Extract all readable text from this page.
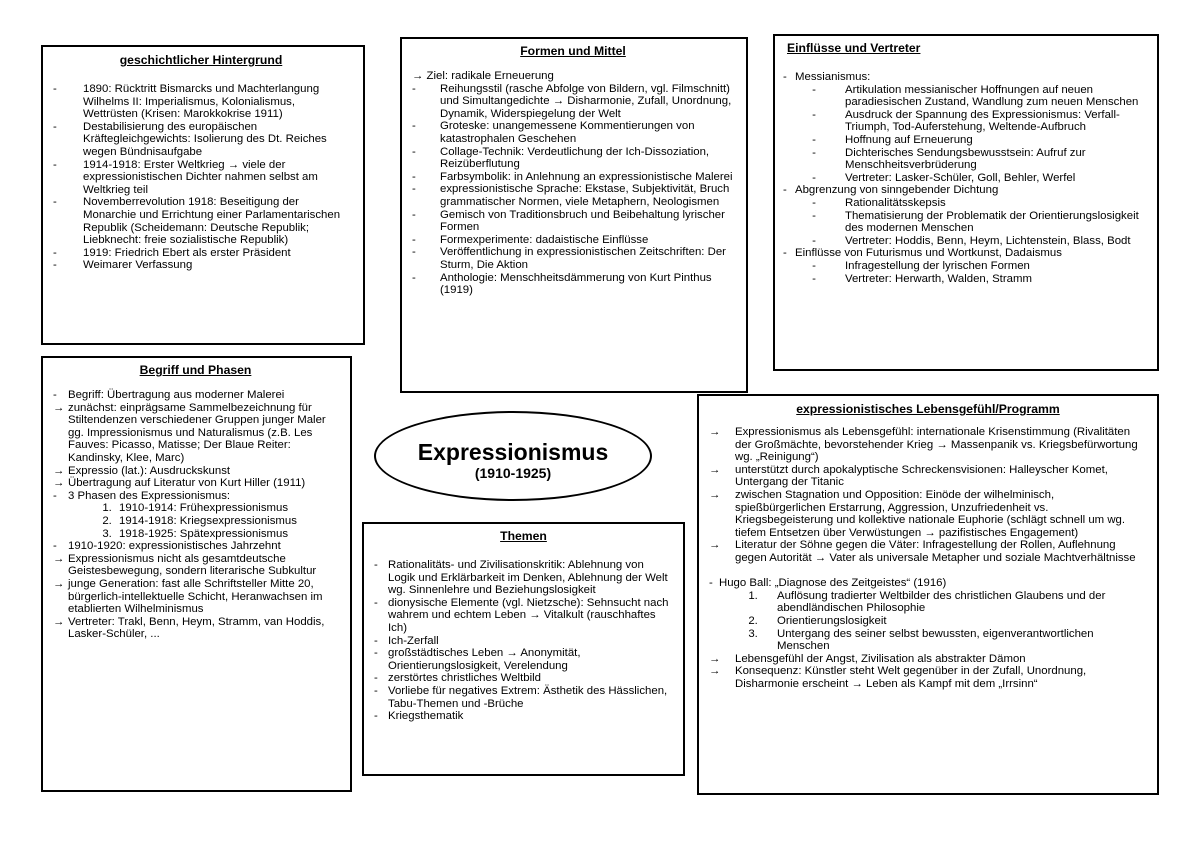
geschichtlicher Hintergrund
-	1890: Rücktritt Bismarcks und Machterlangung Wilhelms II: Imperialismus, Kolonialismus, Wettrüsten (Krisen: Marokkokrise 1911)
-	Destabilisierung des europäischen Kräftegleichgewichts: Isolierung des Dt. Reiches wegen Bündnisaufgabe
-	1914-1918: Erster Weltkrieg → viele der expressionistischen Dichter nahmen selbst am Weltkrieg teil
-	Novemberrevolution 1918: Beseitigung der Monarchie und Errichtung einer Parlamentarischen Republik (Scheidemann: Deutsche Republik; Liebknecht: freie sozialistische Republik)
-	1919: Friedrich Ebert als erster Präsident
-	Weimarer Verfassung
Formen und Mittel
→ Ziel: radikale Erneuerung
-	Reihungsstil (rasche Abfolge von Bildern, vgl. Filmschnitt) und Simultangedichte → Disharmonie, Zufall, Unordnung, Dynamik, Widerspiegelung der Welt
-	Groteske: unangemessene Kommentierungen von katastrophalen Geschehen
-	Collage-Technik: Verdeutlichung der Ich-Dissoziation, Reizüberflutung
-	Farbsymbolik: in Anlehnung an expressionistische Malerei
-	expressionistische Sprache: Ekstase, Subjektivität, Bruch grammatischer Normen, viele Metaphern, Neologismen
-	Gemisch von Traditionsbruch und Beibehaltung lyrischer Formen
-	Formexperimente: dadaistische Einflüsse
-	Veröffentlichung in expressionistischen Zeitschriften: Der Sturm, Die Aktion
-	Anthologie: Menschheitsdämmerung von Kurt Pinthus (1919)
Einflüsse und Vertreter
- Messianismus:
-	Artikulation messianischer Hoffnungen auf neuen paradiesischen Zustand, Wandlung zum neuen Menschen
-	Ausdruck der Spannung des Expressionismus: Verfall-Triumph, Tod-Auferstehung, Weltende-Aufbruch
-	Hoffnung auf Erneuerung
-	Dichterisches Sendungsbewusstsein: Aufruf zur Menschheitsverbrüderung
-	Vertreter: Lasker-Schüler, Goll, Behler, Werfel
- Abgrenzung von sinngebender Dichtung
-	Rationalitätsskepsis
-	Thematisierung der Problematik der Orientierungslosigkeit des modernen Menschen
-	Vertreter: Hoddis, Benn, Heym, Lichtenstein, Blass, Bodt
- Einflüsse von Futurismus und Wortkunst, Dadaismus
-	Infragestellung der lyrischen Formen
-	Vertreter: Herwarth, Walden, Stramm
Begriff und Phasen
- Begriff: Übertragung aus moderner Malerei
→ zunächst: einprägsame Sammelbezeichnung für Stiltendenzen verschiedener Gruppen junger Maler gg. Impressionismus und Naturalismus (z.B. Les Fauves: Picasso, Matisse; Der Blaue Reiter: Kandinsky, Klee, Marc)
→ Expressio (lat.): Ausdruckskunst
→ Übertragung auf Literatur von Kurt Hiller (1911)
- 3 Phasen des Expressionismus:
1. 1910-1914: Frühexpressionismus
2. 1914-1918: Kriegsexpressionismus
3. 1918-1925: Spätexpressionismus
- 1910-1920: expressionistisches Jahrzehnt
→ Expressionismus nicht als gesamtdeutsche Geistesbewegung, sondern literarische Subkultur
→ junge Generation: fast alle Schriftsteller Mitte 20, bürgerlich-intellektuelle Schicht, Heranwachsen im etablierten Wilhelminismus
→ Vertreter: Trakl, Benn, Heym, Stramm, van Hoddis, Lasker-Schüler, ...
Expressionismus
(1910-1925)
Themen
- Rationalitäts- und Zivilisationskritik: Ablehnung von Logik und Erklärbarkeit im Denken, Ablehnung der Welt wg. Sinnenlehre und Beziehungslosigkeit
- dionysische Elemente (vgl. Nietzsche): Sehnsucht nach wahrem und echtem Leben → Vitalkult (rauschhaftes Ich)
- Ich-Zerfall
- großstädtisches Leben → Anonymität, Orientierungslosigkeit, Verelendung
- zerstörtes christliches Weltbild
- Vorliebe für negatives Extrem: Ästhetik des Hässlichen, Tabu-Themen und -Brüche
- Kriegsthematik
expressionistisches Lebensgefühl/Programm
→	Expressionismus als Lebensgefühl: internationale Krisenstimmung (Rivalitäten der Großmächte, bevorstehender Krieg → Massenpanik vs. Kriegsbefürwortung wg. „Reinigung“)
→	unterstützt durch apokalyptische Schreckensvisionen: Halleyscher Komet, Untergang der Titanic
→	zwischen Stagnation und Opposition: Einöde der wilhelminisch, spießbürgerlichen Erstarrung, Aggression, Unzufriedenheit vs. Kriegsbegeisterung und kollektive nationale Euphorie (schlägt schnell um wg. tiefem Entsetzen über Verwüstungen → pazifistisches Engagement)
→	Literatur der Söhne gegen die Väter: Infragestellung der Rollen, Auflehnung gegen Autorität → Vater als universale Metapher und soziale Machtverhältnisse
- Hugo Ball: „Diagnose des Zeitgeistes“ (1916)
1. Auflösung tradierter Weltbilder des christlichen Glaubens und der abendländischen Philosophie
2. Orientierungslosigkeit
3. Untergang des seiner selbst bewussten, eigenverantwortlichen Menschen
→	Lebensgefühl der Angst, Zivilisation als abstrakter Dämon
→	Konsequenz: Künstler steht Welt gegenüber in der Zufall, Unordnung, Disharmonie erscheint → Leben als Kampf mit dem „Irrsinn“
